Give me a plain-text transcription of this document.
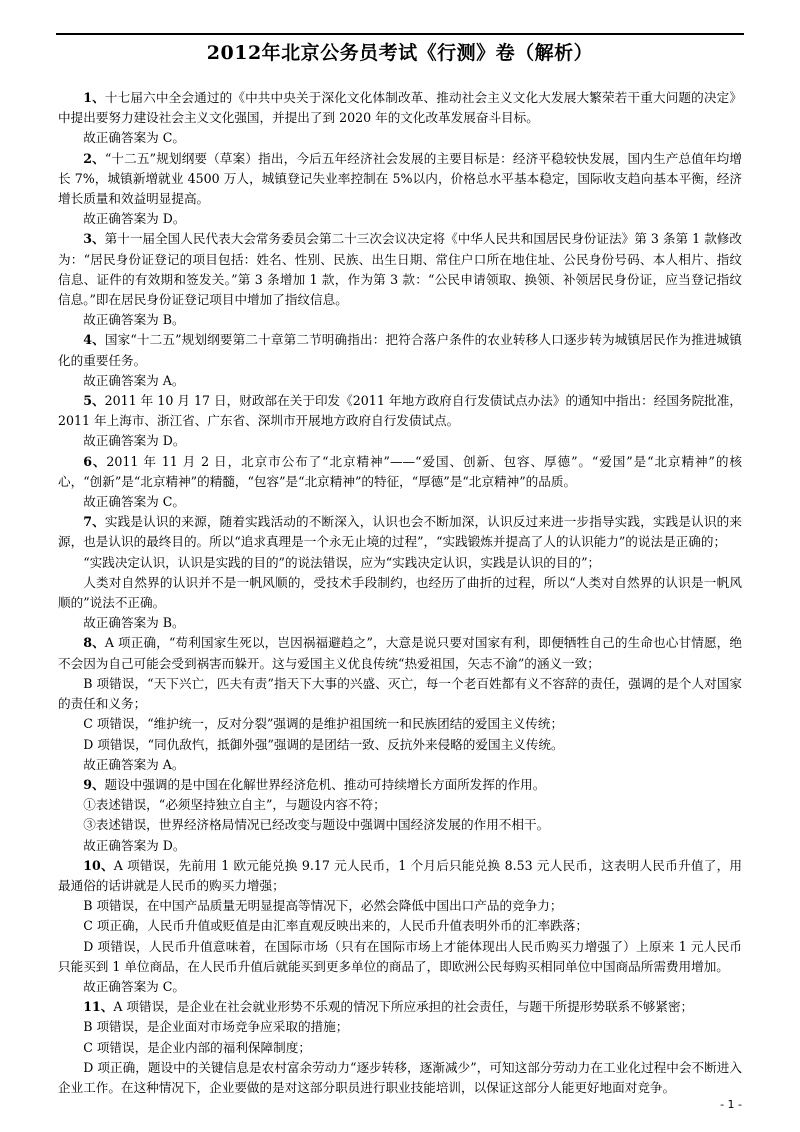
2012年北京公务员考试《行测》卷（解析）

1、十七届六中全会通过的《中共中央关于深化文化体制改革、推动社会主义文化大发展大繁荣若干重大问题的决定》中提出要努力建设社会主义文化强国，并提出了到 2020 年的文化改革发展奋斗目标。

故正确答案为 C。

2、“十二五”规划纲要（草案）指出，今后五年经济社会发展的主要目标是：经济平稳较快发展，国内生产总值年均增长 7%，城镇新增就业 4500 万人，城镇登记失业率控制在 5%以内，价格总水平基本稳定，国际收支趋向基本平衡，经济增长质量和效益明显提高。

故正确答案为 D。

3、第十一届全国人民代表大会常务委员会第二十三次会议决定将《中华人民共和国居民身份证法》第 3 条第 1 款修改为：“居民身份证登记的项目包括：姓名、性别、民族、出生日期、常住户口所在地住址、公民身份号码、本人相片、指纹信息、证件的有效期和签发关。”第 3 条增加 1 款，作为第 3 款：“公民申请领取、换领、补领居民身份证，应当登记指纹信息。”即在居民身份证登记项目中增加了指纹信息。

故正确答案为 B。

4、国家“十二五”规划纲要第二十章第二节明确指出：把符合落户条件的农业转移人口逐步转为城镇居民作为推进城镇化的重要任务。

故正确答案为 A。

5、2011 年 10 月 17 日，财政部在关于印发《2011 年地方政府自行发债试点办法》的通知中指出：经国务院批准，2011 年上海市、浙江省、广东省、深圳市开展地方政府自行发债试点。

故正确答案为 D。

6、2011 年 11 月 2 日，北京市公布了“北京精神”——“爱国、创新、包容、厚德”。“爱国”是“北京精神”的核心，“创新”是“北京精神”的精髓，“包容”是“北京精神”的特征，“厚德”是“北京精神”的品质。

故正确答案为 C。

7、实践是认识的来源，随着实践活动的不断深入，认识也会不断加深，认识反过来进一步指导实践，实践是认识的来源，也是认识的最终目的。所以“追求真理是一个永无止境的过程”，“实践锻炼并提高了人的认识能力”的说法是正确的；

“实践决定认识，认识是实践的目的”的说法错误，应为“实践决定认识，实践是认识的目的”；

人类对自然界的认识并不是一帆风顺的，受技术手段制约，也经历了曲折的过程，所以“人类对自然界的认识是一帆风顺的”说法不正确。

故正确答案为 B。

8、A 项正确，“苟利国家生死以，岂因祸福避趋之”，大意是说只要对国家有利，即便牺牲自己的生命也心甘情愿，绝不会因为自己可能会受到祸害而躲开。这与爱国主义优良传统“热爱祖国，矢志不渝”的涵义一致；

B 项错误，“天下兴亡，匹夫有责”指天下大事的兴盛、灭亡，每一个老百姓都有义不容辞的责任，强调的是个人对国家的责任和义务；

C 项错误，“维护统一，反对分裂”强调的是维护祖国统一和民族团结的爱国主义传统；

D 项错误，“同仇敌忾，抵御外强”强调的是团结一致、反抗外来侵略的爱国主义传统。

故正确答案为 A。

9、题设中强调的是中国在化解世界经济危机、推动可持续增长方面所发挥的作用。

①表述错误，“必须坚持独立自主”，与题设内容不符；

③表述错误，世界经济格局情况已经改变与题设中强调中国经济发展的作用不相干。

故正确答案为 D。

10、A 项错误，先前用 1 欧元能兑换 9.17 元人民币，1 个月后只能兑换 8.53 元人民币，这表明人民币升值了，用最通俗的话讲就是人民币的购买力增强；

B 项错误，在中国产品质量无明显提高等情况下，必然会降低中国出口产品的竞争力；

C 项正确，人民币升值或贬值是由汇率直观反映出来的，人民币升值表明外币的汇率跌落；

D 项错误，人民币升值意味着，在国际市场（只有在国际市场上才能体现出人民币购买力增强了）上原来 1 元人民币只能买到 1 单位商品，在人民币升值后就能买到更多单位的商品了，即欧洲公民每购买相同单位中国商品所需费用增加。

故正确答案为 C。

11、A 项错误，是企业在社会就业形势不乐观的情况下所应承担的社会责任，与题干所提形势联系不够紧密；

B 项错误，是企业面对市场竞争应采取的措施；

C 项错误，是企业内部的福利保障制度；

D 项正确，题设中的关键信息是农村富余劳动力“逐步转移，逐渐减少”，可知这部分劳动力在工业化过程中会不断进入企业工作。在这种情况下，企业要做的是对这部分职员进行职业技能培训，以保证这部分人能更好地面对竞争。

- 1 -
